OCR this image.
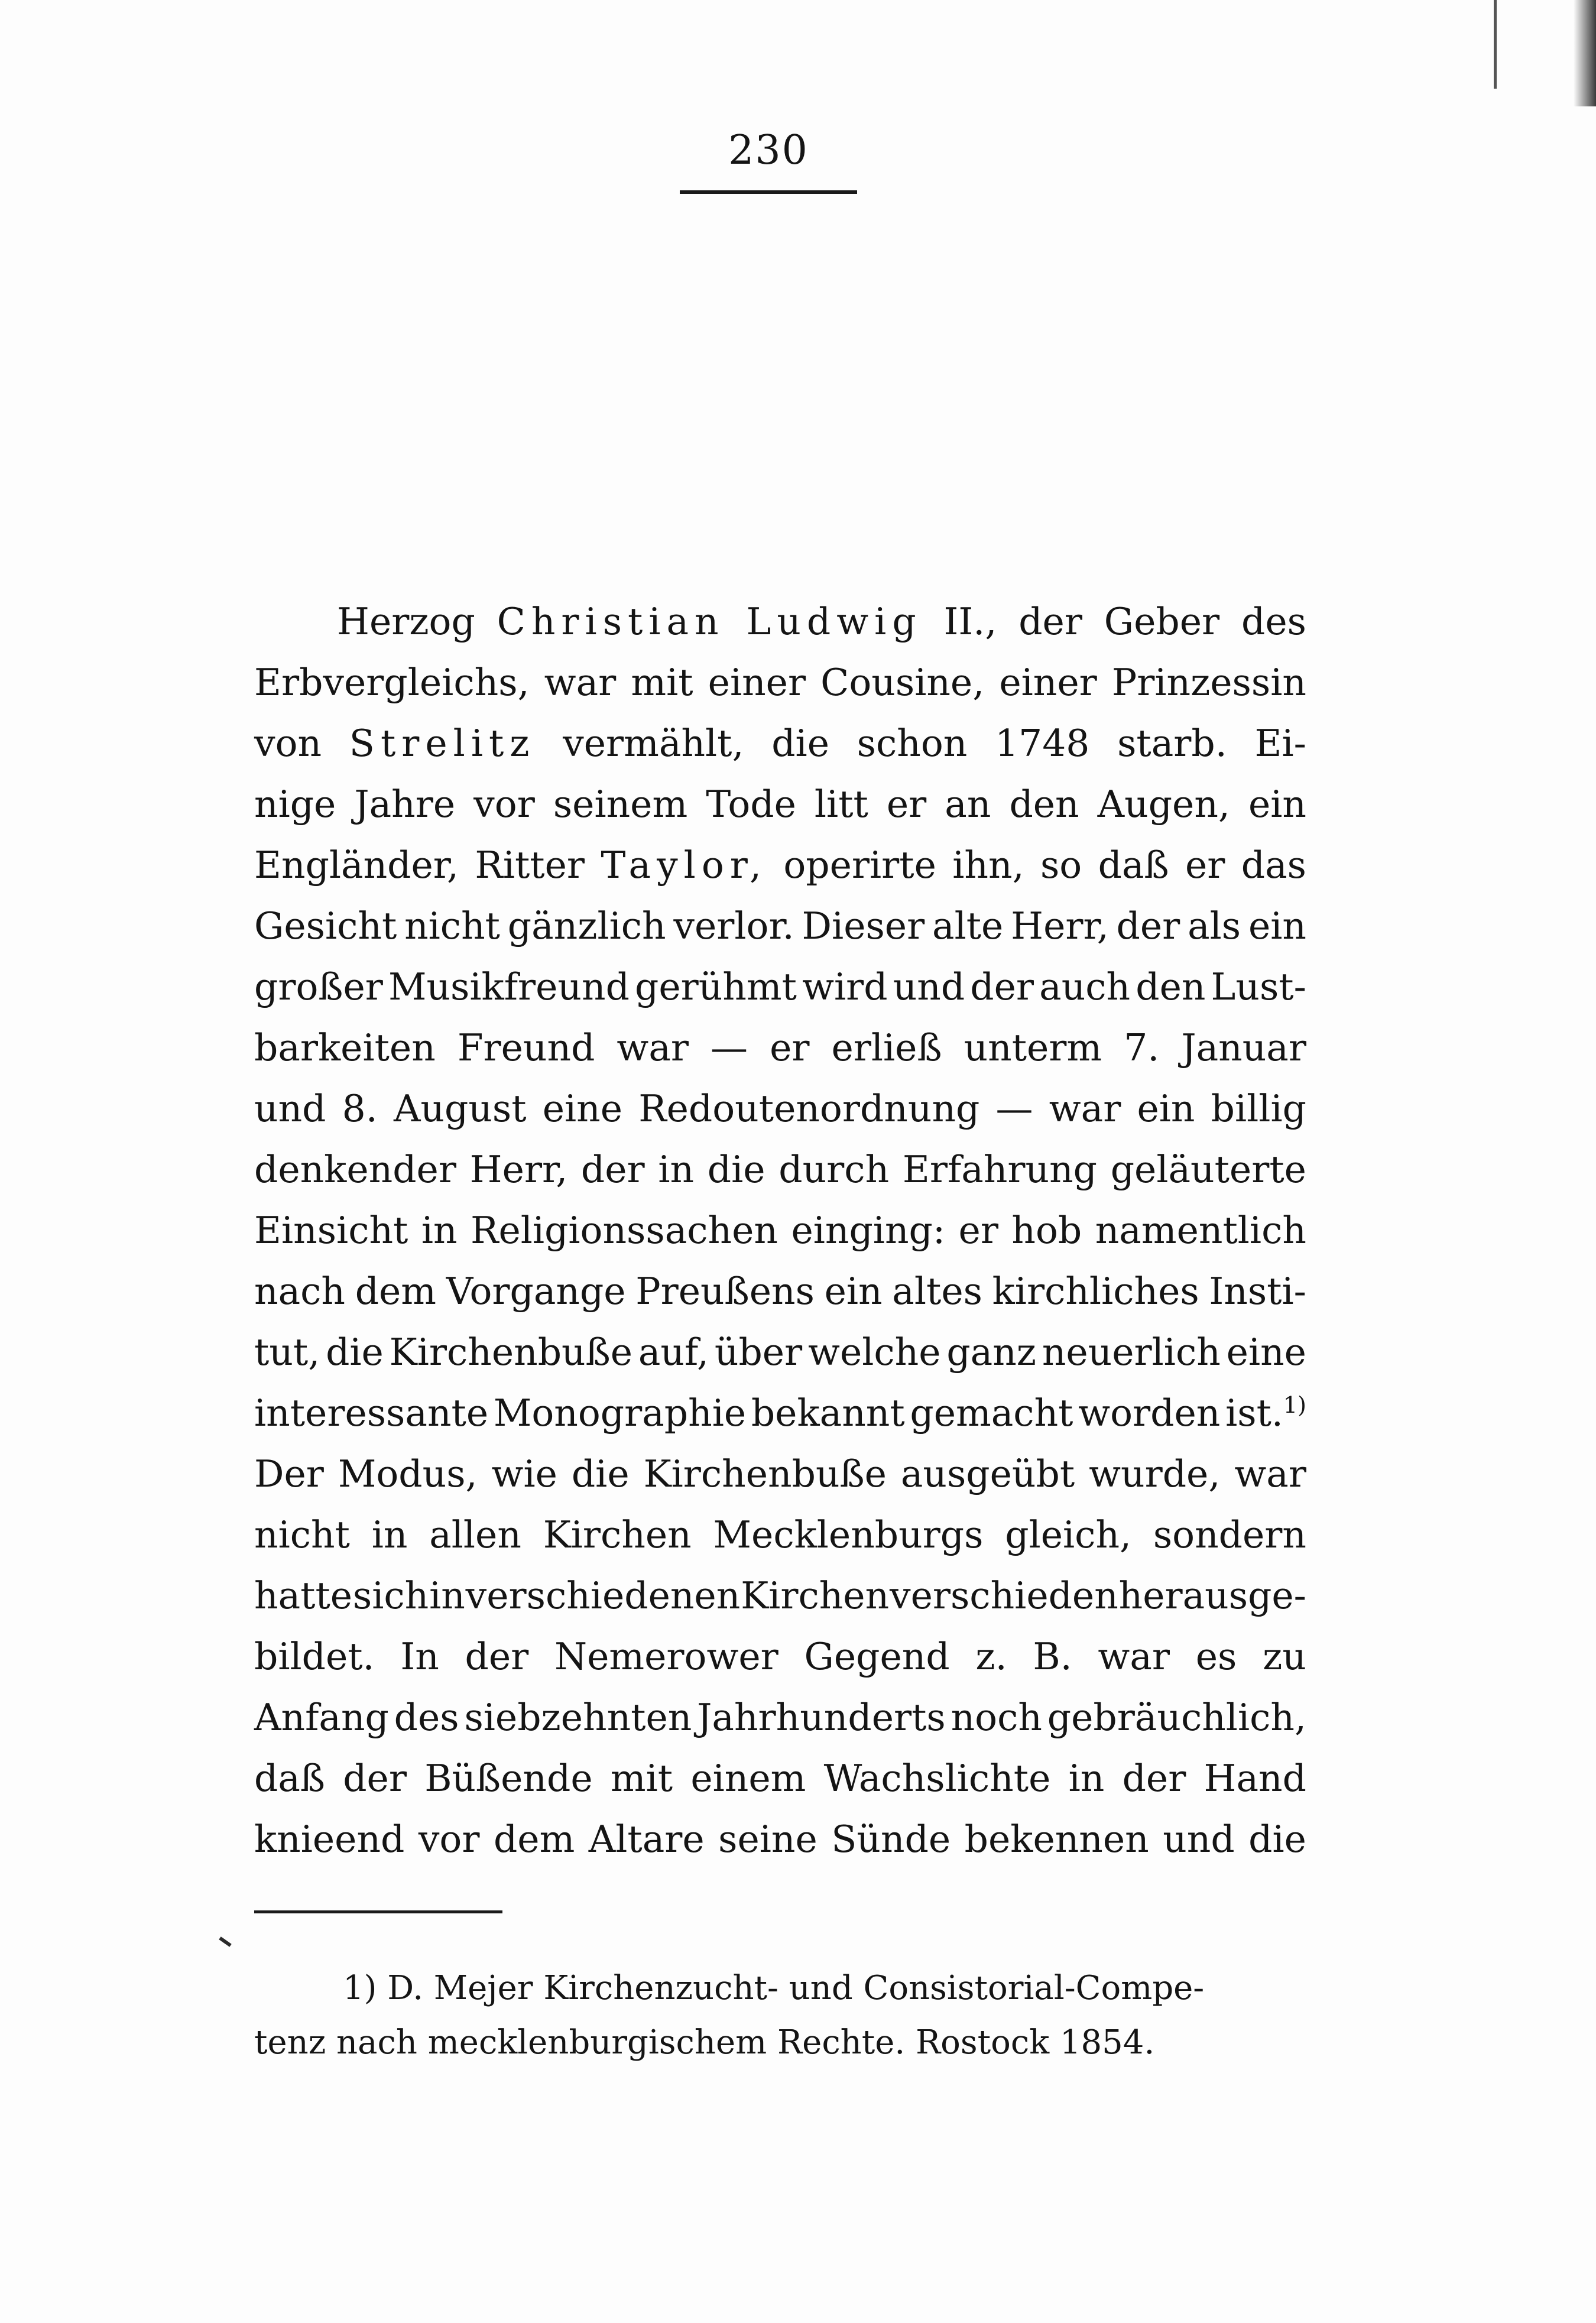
230
Herzog Christian Ludwig II., der Geber des
Erbvergleichs, war mit einer Cousine, einer Prinzessin
von Strelitz vermählt, die schon 1748 starb. Ei-
nige Jahre vor seinem Tode litt er an den Augen, ein
Engländer, Ritter Taylor, operirte ihn, so daß er das
Gesicht nicht gänzlich verlor. Dieser alte Herr, der als ein
großer Musikfreund gerühmt wird und der auch den Lust-
barkeiten Freund war — er erließ unterm 7. Januar
und 8. August eine Redoutenordnung — war ein billig
denkender Herr, der in die durch Erfahrung geläuterte
Einsicht in Religionssachen einging: er hob namentlich
nach dem Vorgange Preußens ein altes kirchliches Insti-
tut, die Kirchenbuße auf, über welche ganz neuerlich eine
interessante Monographie bekannt gemacht worden ist.$^{1)}$
Der Modus, wie die Kirchenbuße ausgeübt wurde, war
nicht in allen Kirchen Mecklenburgs gleich, sondern
hatte sich in verschiedenen Kirchen verschieden herausge-
bildet. In der Nemerower Gegend z. B. war es zu
Anfang des siebzehnten Jahrhunderts noch gebräuchlich,
daß der Büßende mit einem Wachslichte in der Hand
knieend vor dem Altare seine Sünde bekennen und die
1) D. Mejer Kirchenzucht- und Consistorial-Compe-
tenz nach mecklenburgischem Rechte. Rostock 1854.
